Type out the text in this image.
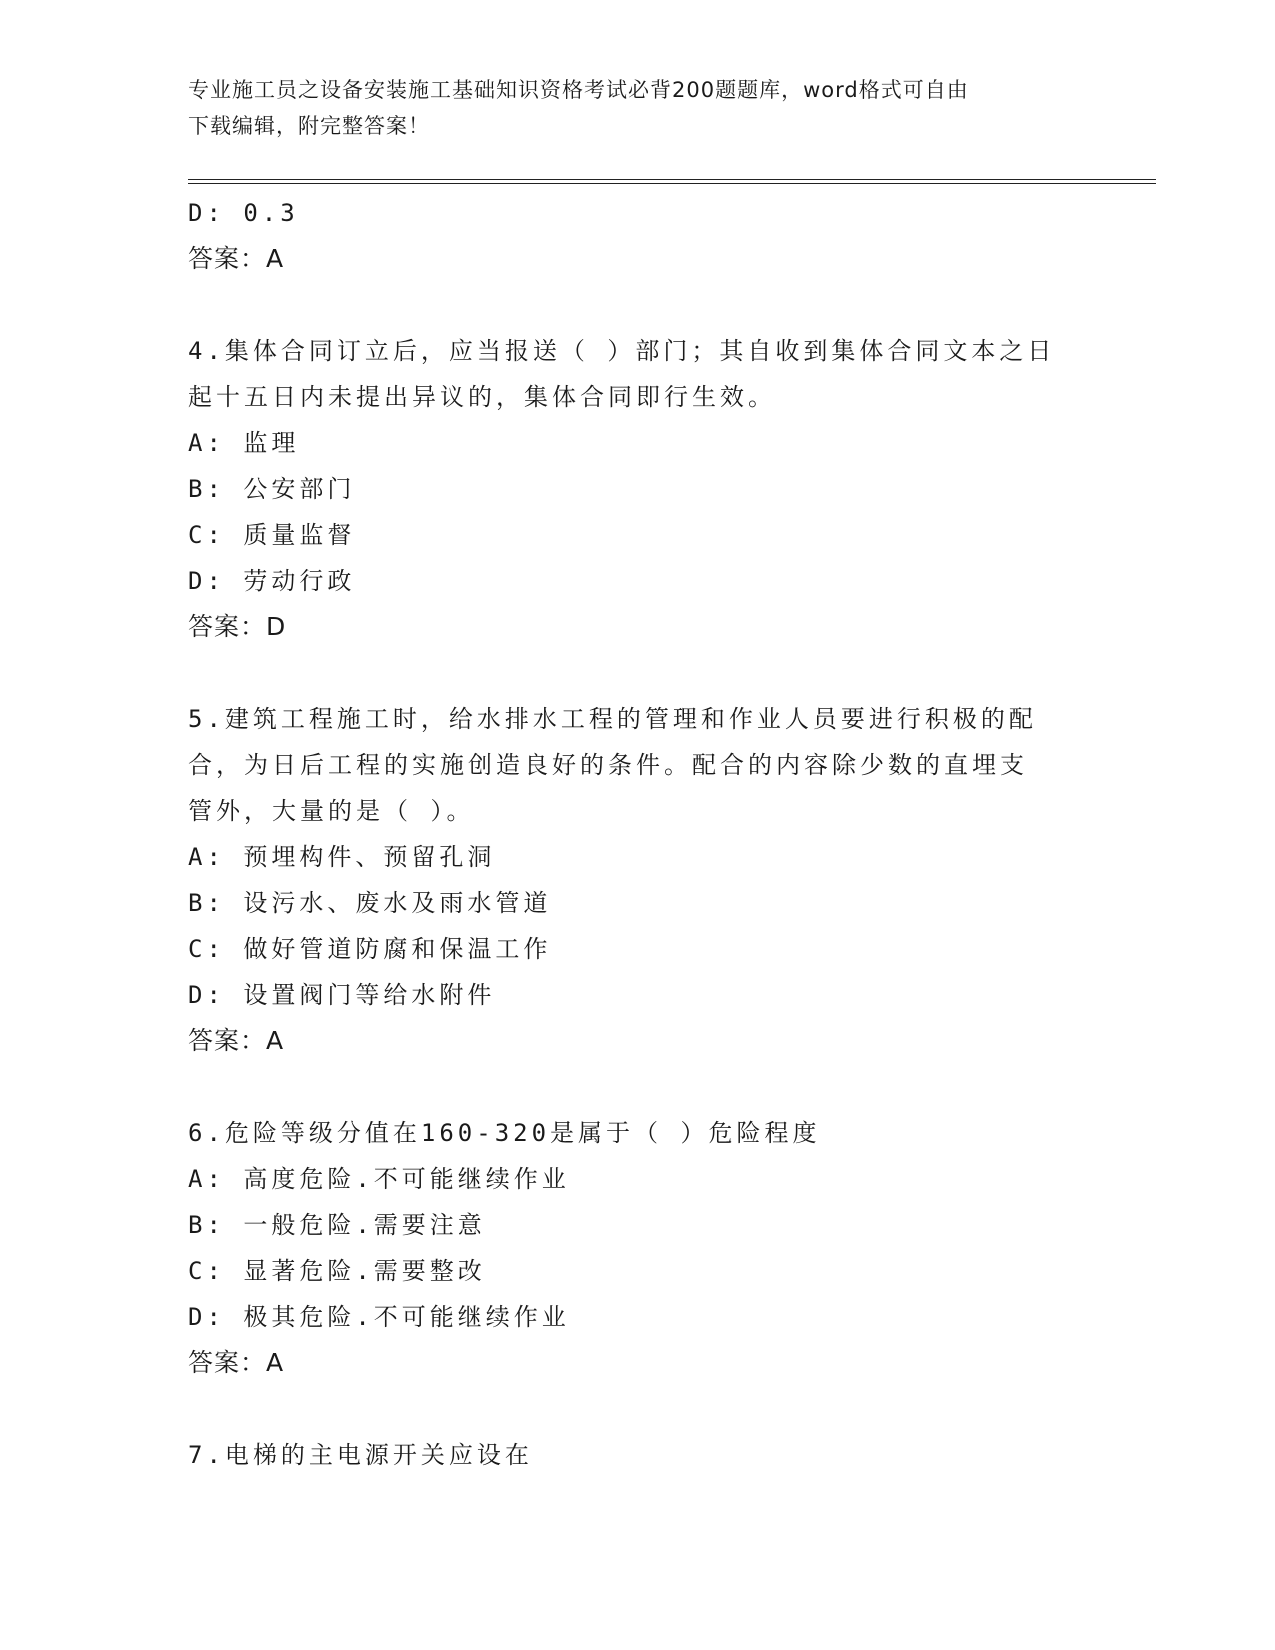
专业施工员之设备安装施工基础知识资格考试必背200题题库，word格式可自由
下载编辑，附完整答案！
D: 0.3
答案：A
4.集体合同订立后，应当报送（ ）部门；其自收到集体合同文本之日
起十五日内未提出异议的，集体合同即行生效。
A: 监理
B: 公安部门
C: 质量监督
D: 劳动行政
答案：D
5.建筑工程施工时，给水排水工程的管理和作业人员要进行积极的配
合，为日后工程的实施创造良好的条件。配合的内容除少数的直埋支
管外，大量的是（ ）。
A: 预埋构件、预留孔洞
B: 设污水、废水及雨水管道
C: 做好管道防腐和保温工作
D: 设置阀门等给水附件
答案：A
6.危险等级分值在160-320是属于（ ）危险程度
A: 高度危险.不可能继续作业
B: 一般危险.需要注意
C: 显著危险.需要整改
D: 极其危险.不可能继续作业
答案：A
7.电梯的主电源开关应设在
